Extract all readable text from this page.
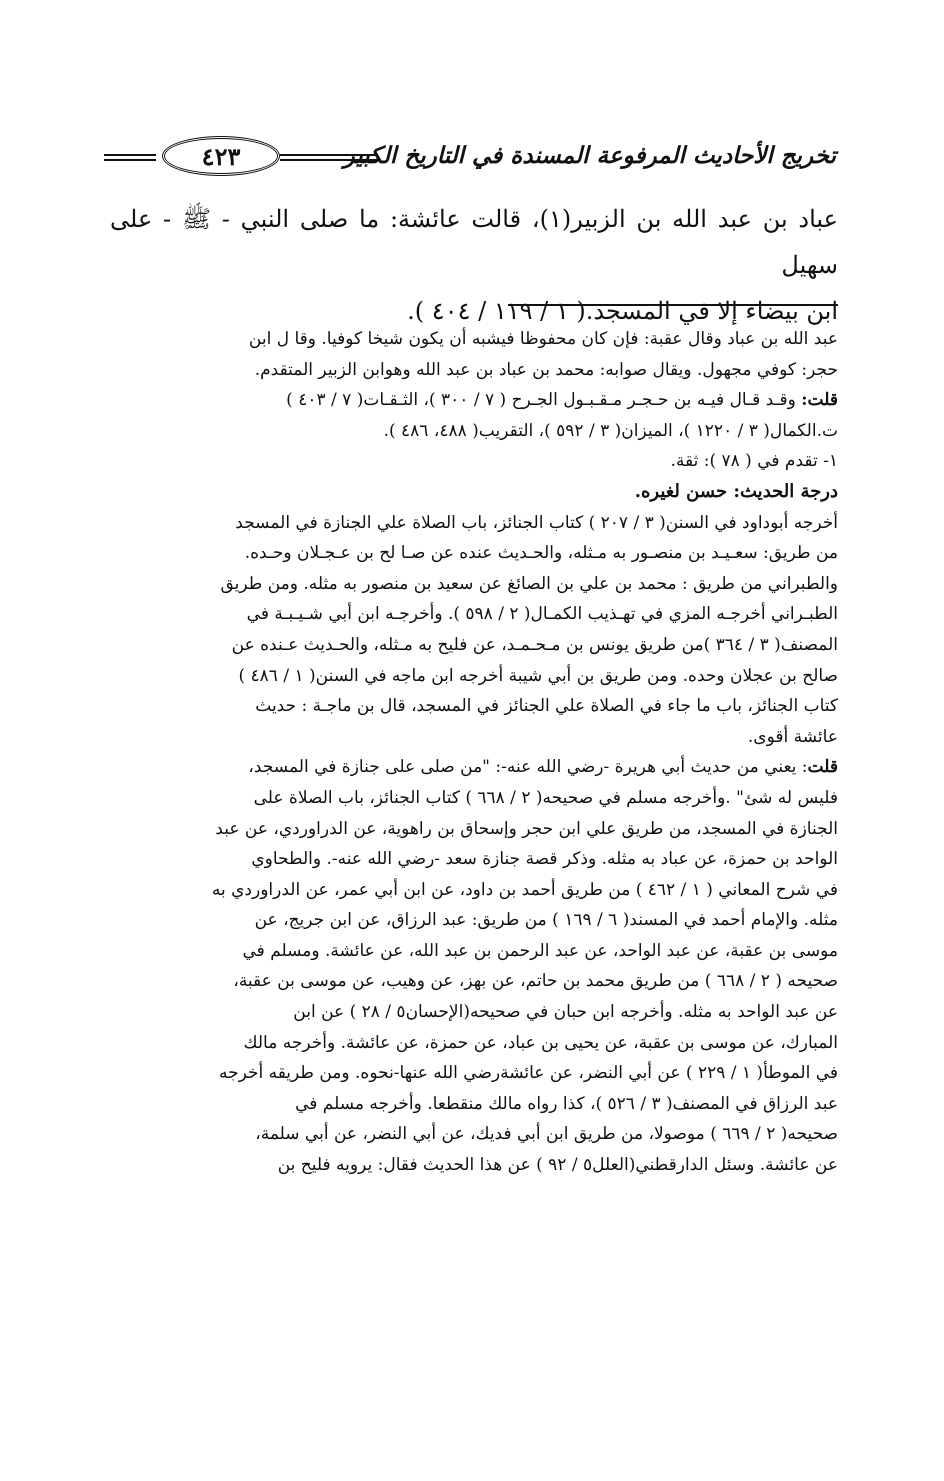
تخريج الأحاديث المرفوعة المسندة في التاريخ الكبير
٤٢٣

عباد بن عبد الله بن الزبير(١)، قالت عائشة: ما صلى النبي - ﷺ - على سهيل

ابن بيضاء إلا في المسجد.( ١ / ١١٩ / ٤٠٤ ).

عبد الله بن عباد وقال عقبة: فإن كان محفوظا فيشبه أن يكون شيخا كوفيا. وقا ل ابن

حجر: كوفي مجهول. ويقال صوابه: محمد بن عباد بن عبد الله وهوابن الزبير المتقدم.

قلت: وقـد قـال فيـه بن حـجـر مـقـبـول الجـرح ( ٧ / ٣٠٠ )، الثـقـات( ٧ / ٤٠٣ )

ت.الكمال( ٣ / ١٢٢٠ )، الميزان( ٣ / ٥٩٢ )، التقريب( ٤٨٨، ٤٨٦ ).

١- تقدم في ( ٧٨ ): ثقة.

درجة الحديث: حسن لغيره.

أخرجه أبوداود في السنن( ٣ / ٢٠٧ ) كتاب الجنائز، باب الصلاة علي الجنازة في المسجد

من طريق: سعـيـد بن منصـور به مـثله، والحـديث عنده عن صـا لح بن عـجـلان وحـده.

والطبراني من طريق : محمد بن علي بن الصائغ عن سعيد بن منصور به مثله. ومن طريق

الطبـراني أخرجـه المزي في تهـذيب الكمـال( ٢ / ٥٩٨ ). وأخرجـه ابن أبي شـيـبـة في

المصنف( ٣ / ٣٦٤ )من طريق يونس بن مـحـمـد، عن فليح به مـثله، والحـديث عـنده عن

صالح بن عجلان وحده. ومن طريق بن أبي شيبة أخرجه ابن ماجه في السنن( ١ / ٤٨٦ )

كتاب الجنائز، باب ما جاء في الصلاة علي الجنائز في المسجد، قال بن ماجـة : حديث

عائشة أقوى.

قلت: يعني من حديث أبي هريرة -رضي الله عنه-: "من صلى على جنازة في المسجد،

فليس له شئ" .وأخرجه مسلم في صحيحه( ٢ / ٦٦٨ ) كتاب الجنائز، باب الصلاة على

الجنازة في المسجد، من طريق علي ابن حجر وإسحاق بن راهوية، عن الدراوردي، عن عبد

الواحد بن حمزة، عن عباد به مثله. وذكر قصة جنازة سعد -رضي الله عنه-. والطحاوي

في شرح المعاني ( ١ / ٤٦٢ ) من طريق أحمد بن داود، عن ابن أبي عمر، عن الدراوردي به

مثله. والإمام أحمد في المسند( ٦ / ١٦٩ ) من طريق: عبد الرزاق، عن ابن جريج، عن

موسى بن عقبة، عن عبد الواحد، عن عبد الرحمن بن عبد الله، عن عائشة. ومسلم في

صحيحه ( ٢ / ٦٦٨ ) من طريق محمد بن حاتم، عن بهز، عن وهيب، عن موسى بن عقبة،

عن عبد الواحد به مثله. وأخرجه ابن حبان في صحيحه(الإحسان٥ / ٢٨ ) عن ابن

المبارك، عن موسى بن عقبة، عن يحيى بن عباد، عن حمزة، عن عائشة. وأخرجه مالك

في الموطأ( ١ / ٢٢٩ ) عن أبي النضر، عن عائشةرضي الله عنها-نحوه. ومن طريقه أخرجه

عبد الرزاق في المصنف( ٣ / ٥٢٦ )، كذا رواه مالك منقطعا. وأخرجه مسلم في

صحيحه( ٢ / ٦٦٩ ) موصولا، من طريق ابن أبي فديك، عن أبي النضر، عن أبي سلمة،

عن عائشة. وسئل الدارقطني(العلل٥ / ٩٢ ) عن هذا الحديث فقال: يرويه فليح بن
